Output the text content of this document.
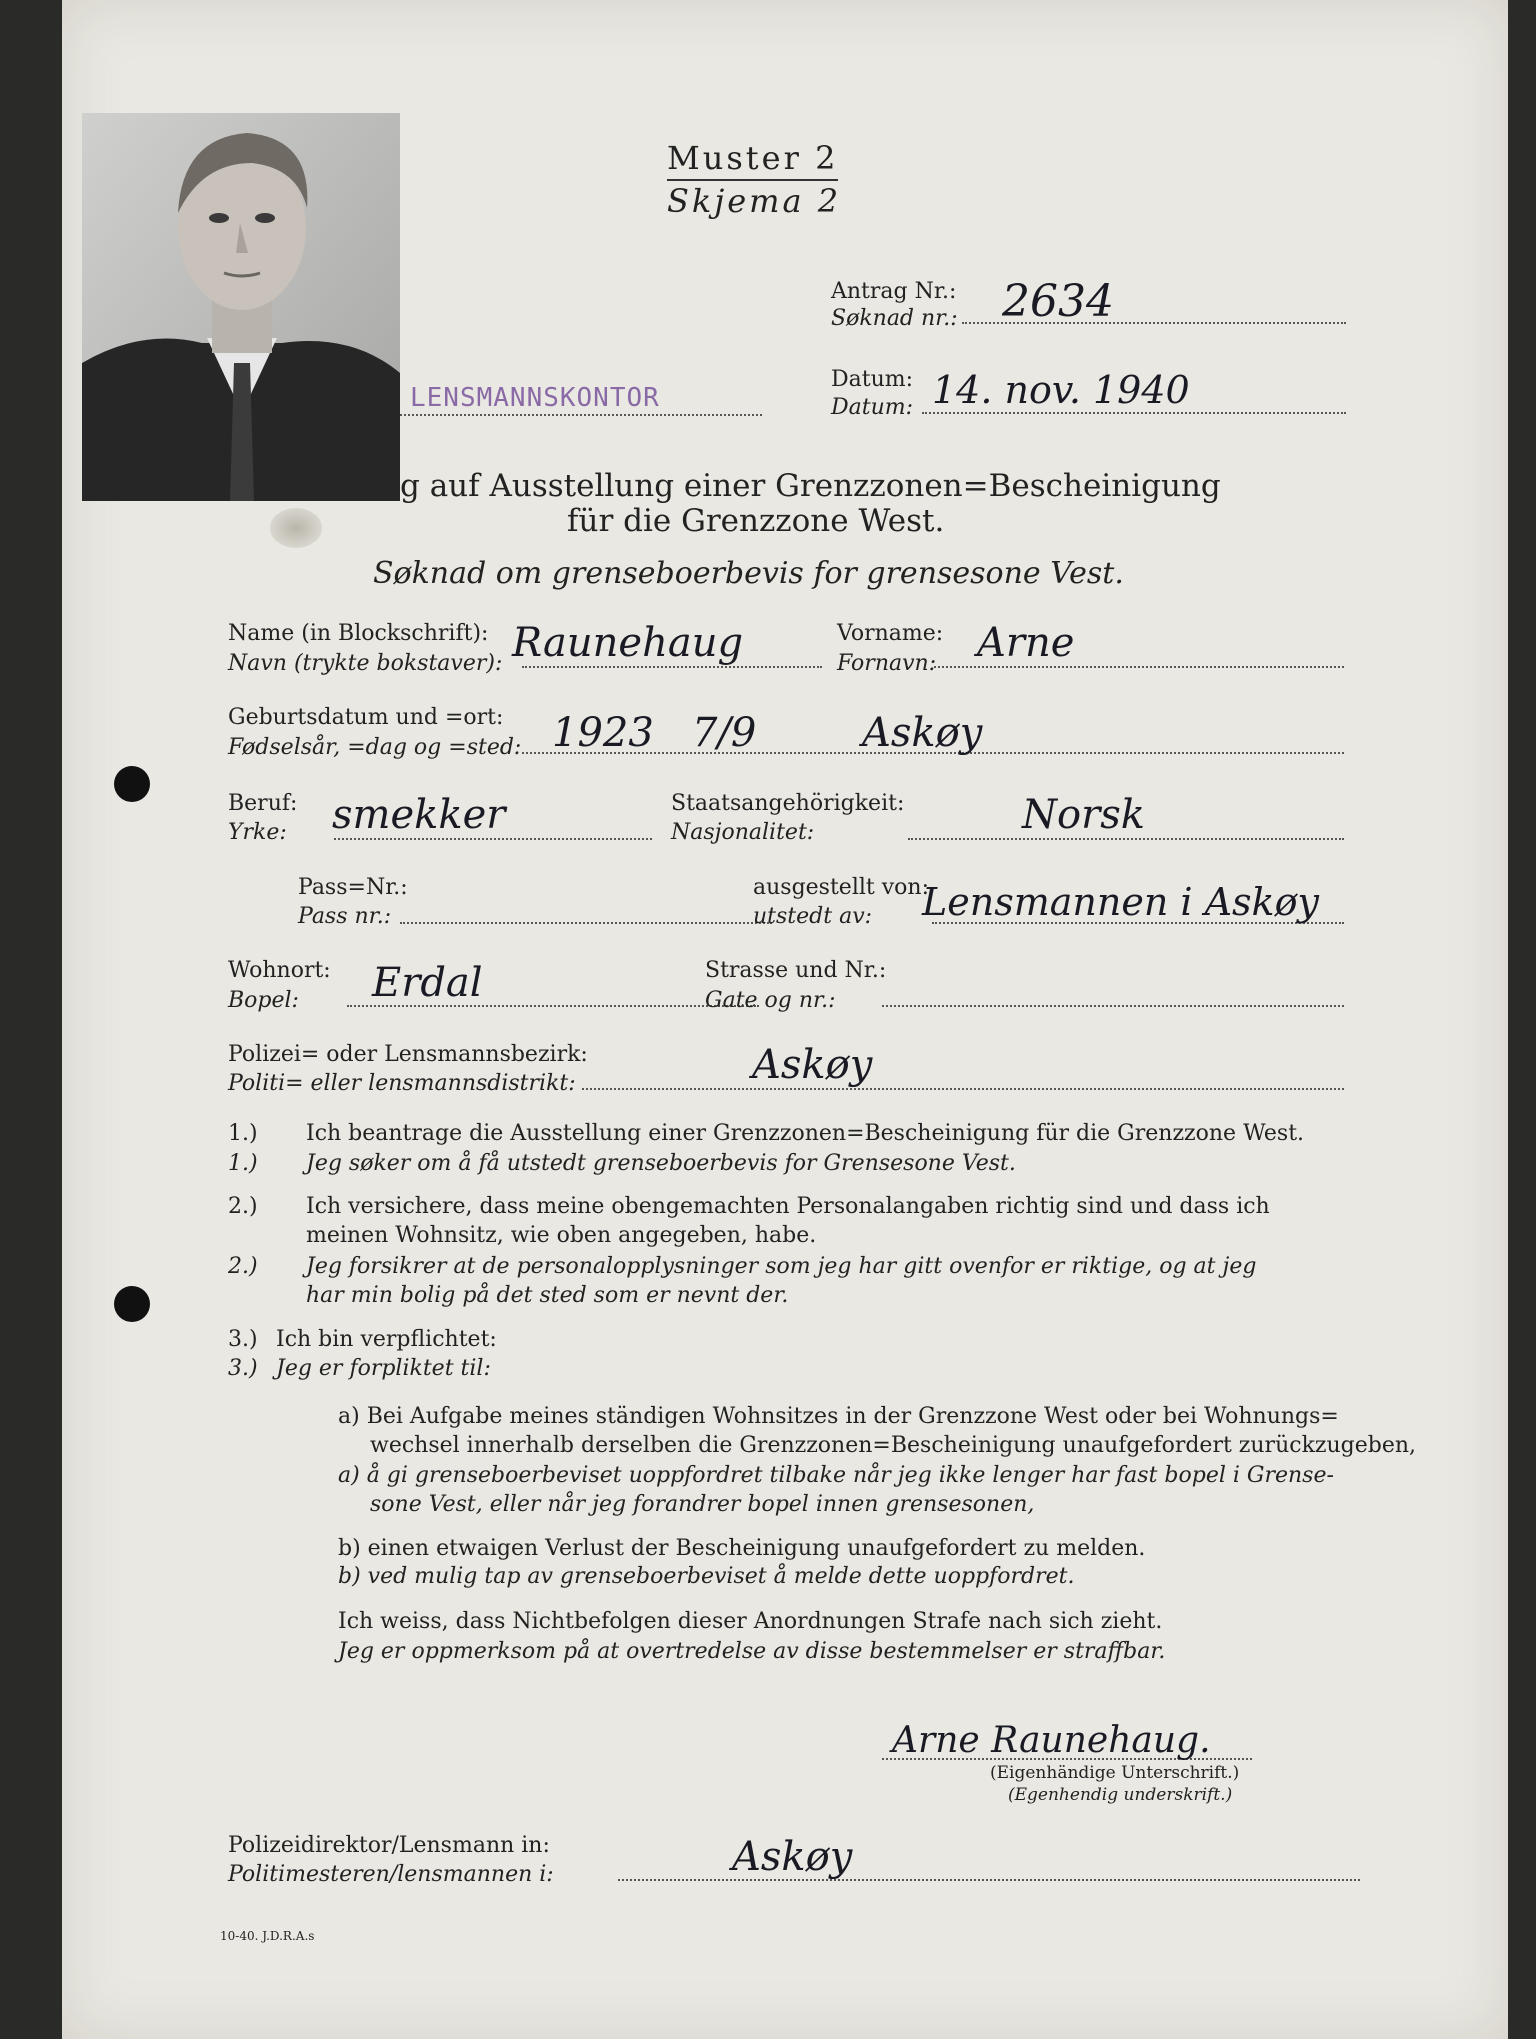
Muster 2
Skjema 2
Antrag Nr.:
Søknad nr.: 2634
LENSMANNSKONTOR
Datum:
Datum: 14. nov. 1940
g auf Ausstellung einer Grenzzonen=Bescheinigung
für die Grenzzone West.
Søknad om grenseboerbevis for grensesone Vest.
Name (in Blockschrift):
Navn (trykte bokstaver): Raunehaug	Vorname:
Fornavn: Arne
Geburtsdatum und =ort:
Fødselsår, =dag og =sted: 1923 7/9	Askøy
Beruf:
Yrke: smekker	Staatsangehörigkeit:
Nasjonalitet:	Norsk
Pass=Nr.:
Pass nr.:
ausgestellt von:
utstedt av: Lensmannen i Askøy
Wohnort:
Bopel: Erdal	Strasse und Nr.:
Gate og nr.:
Polizei= oder Lensmannsbezirk:
Politi= eller lensmannsdistrikt:	Askøy
1.)
1.)
Ich beantrage die Ausstellung einer Grenzzonen=Bescheinigung für die Grenzzone West.
Jeg søker om å få utstedt grenseboerbevis for Grensesone Vest.
2.) Ich versichere, dass meine obengemachten Personalangaben richtig sind und dass ich
meinen Wohnsitz, wie oben angegeben, habe.
2.) Jeg forsikrer at de personalopplysninger som jeg har gitt ovenfor er riktige, og at jeg
har min bolig på det sted som er nevnt der.
3.) Ich bin verpflichtet:
3.) Jeg er forpliktet til:
a) Bei Aufgabe meines ständigen Wohnsitzes in der Grenzzone West oder bei Wohnungs=
wechsel innerhalb derselben die Grenzzonen=Bescheinigung unaufgefordert zurückzugeben,
a) å gi grenseboerbeviset uoppfordret tilbake når jeg ikke lenger har fast bopel i Grense-
sone Vest, eller når jeg forandrer bopel innen grensesonen,
b) einen etwaigen Verlust der Bescheinigung unaufgefordert zu melden.
b) ved mulig tap av grenseboerbeviset å melde dette uoppfordret.
Ich weiss, dass Nichtbefolgen dieser Anordnungen Strafe nach sich zieht.
Jeg er oppmerksom på at overtredelse av disse bestemmelser er straffbar.
Arne Raunehaug.
(Eigenhändige Unterschrift.)
(Egenhendig underskrift.)
Polizeidirektor/Lensmann in:
Politimesteren/lensmannen i:	Askøy
10-40. J.D.R.A.s
